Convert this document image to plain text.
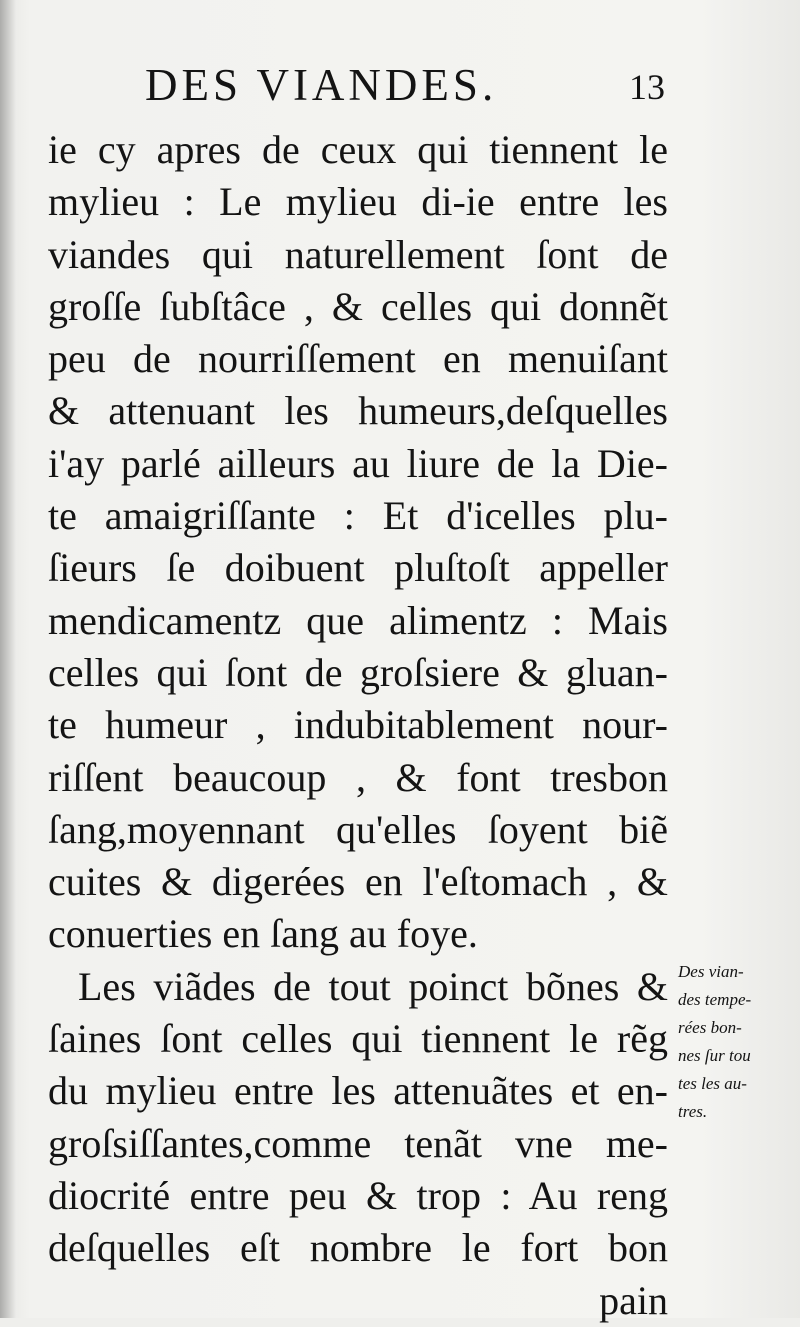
DES VIANDES.	13
ie cy apres de ceux qui tiennent le
mylieu : Le mylieu di-ie entre les
viandes qui naturellement ſont de
groſſe ſubſtâce , & celles qui donnẽt
peu de nourriſſement en menuiſant
& attenuant les humeurs,deſquelles
i'ay parlé ailleurs au liure de la Die-
te amaigriſſante : Et d'icelles plu-
ſieurs ſe doibuent pluſtoſt appeller
mendicamentz que alimentz : Mais
celles qui ſont de groſsiere & gluan-
te humeur , indubitablement nour-
riſſent beaucoup , & font tresbon
ſang,moyennant qu'elles ſoyent biẽ
cuites & digerées en l'eſtomach , &
conuerties en ſang au foye.
Les viãdes de tout poinct bõnes &
ſaines ſont celles qui tiennent le rẽg
du mylieu entre les attenuãtes et en-
groſsiſſantes,comme tenãt vne me-
diocrité entre peu & trop : Au reng
deſquelles eſt nombre le fort bon
pain
Des vian-
des tempe-
rées bon-
nes ſur tou
tes les au-
tres.
